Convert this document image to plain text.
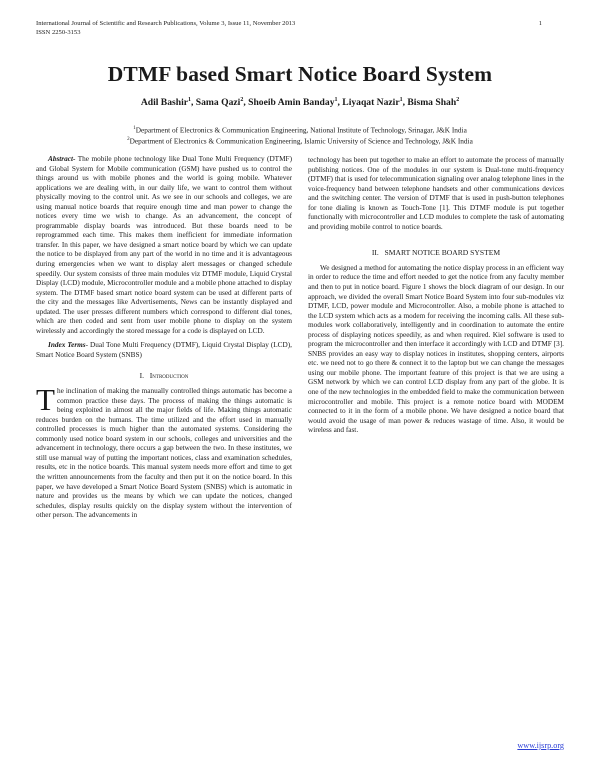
International Journal of Scientific and Research Publications, Volume 3, Issue 11, November 2013
ISSN 2250-3153
1
DTMF based Smart Notice Board System
Adil Bashir$^1$, Sama Qazi$^2$, Shoeib Amin Banday$^1$, Liyaqat Nazir$^1$, Bisma Shah$^2$
$^1$Department of Electronics & Communication Engineering, National Institute of Technology, Srinagar, J&K India
$^2$Department of Electronics & Communication Engineering, Islamic University of Science and Technology, J&K India

Abstract- The mobile phone technology like Dual Tone Multi Frequency (DTMF) and Global System for Mobile communication (GSM) have pushed us to control the things around us with mobile phones and the world is going mobile. Whatever applications we are dealing with, in our daily life, we want to control them without physically moving to the control unit. As we see in our schools and colleges, we are using manual notice boards that require enough time and man power to change the notices every time we wish to change. As an advancement, the concept of programmable display boards was introduced. But these boards need to be reprogrammed each time. This makes them inefficient for immediate information transfer. In this paper, we have designed a smart notice board by which we can update the notice to be displayed from any part of the world in no time and it is advantageous during emergencies when we want to display alert messages or changed schedule speedily. Our system consists of three main modules viz DTMF module, Liquid Crystal Display (LCD) module, Microcontroller module and a mobile phone attached to display system. The DTMF based smart notice board system can be used at different parts of the city and the messages like Advertisements, News can be instantly displayed and updated. The user presses different numbers which correspond to different dial tones, which are then coded and sent from user mobile phone to display on the system wirelessly and accordingly the stored message for a code is displayed on LCD.

Index Terms- Dual Tone Multi Frequency (DTMF), Liquid Crystal Display (LCD), Smart Notice Board System (SNBS)

I. Introduction

The inclination of making the manually controlled things automatic has become a common practice these days. The process of making the things automatic is being exploited in almost all the major fields of life. Making things automatic reduces burden on the humans. The time utilized and the effort used in manually controlled processes is much higher than the automated systems. Considering the commonly used notice board system in our schools, colleges and universities and the advancement in technology, there occurs a gap between the two. In these institutes, we still use manual way of putting the important notices, class and examination schedules, results, etc in the notice boards. This manual system needs more effort and time to get the written announcements from the faculty and then put it on the notice board. In this paper, we have developed a Smart Notice Board System (SNBS) which is automatic in nature and provides us the means by which we can update the notices, changed schedules, display results quickly on the display system without the intervention of other person. The advancements in

technology has been put together to make an effort to automate the process of manually publishing notices. One of the modules in our system is Dual-tone multi-frequency (DTMF) that is used for telecommunication signaling over analog telephone lines in the voice-frequency band between telephone handsets and other communications devices and the switching center. The version of DTMF that is used in push-button telephones for tone dialing is known as Touch-Tone [1]. This DTMF module is put together functionally with microcontroller and LCD modules to complete the task of automating and providing mobile control to notice boards.

II. SMART NOTICE BOARD SYSTEM

We designed a method for automating the notice display process in an efficient way in order to reduce the time and effort needed to get the notice from any faculty member and then to put in notice board. Figure 1 shows the block diagram of our design. In our approach, we divided the overall Smart Notice Board System into four sub-modules viz DTMF, LCD, power module and Microcontroller. Also, a mobile phone is attached to the LCD system which acts as a modem for receiving the incoming calls. All these sub-modules work collaboratively, intelligently and in coordination to automate the entire process of displaying notices speedily, as and when required. Kiel software is used to program the microcontroller and then interface it accordingly with LCD and DTMF [3]. SNBS provides an easy way to display notices in institutes, shopping centers, airports etc. we need not to go there & connect it to the laptop but we can change the messages using our mobile phone. The important feature of this project is that we are using a GSM network by which we can control LCD display from any part of the globe. It is one of the new technologies in the embedded field to make the communication between microcontroller and mobile. This project is a remote notice board with MODEM connected to it in the form of a mobile phone. We have designed a notice board that would avoid the usage of man power & reduces wastage of time. Also, it would be wireless and fast.

www.ijsrp.org
